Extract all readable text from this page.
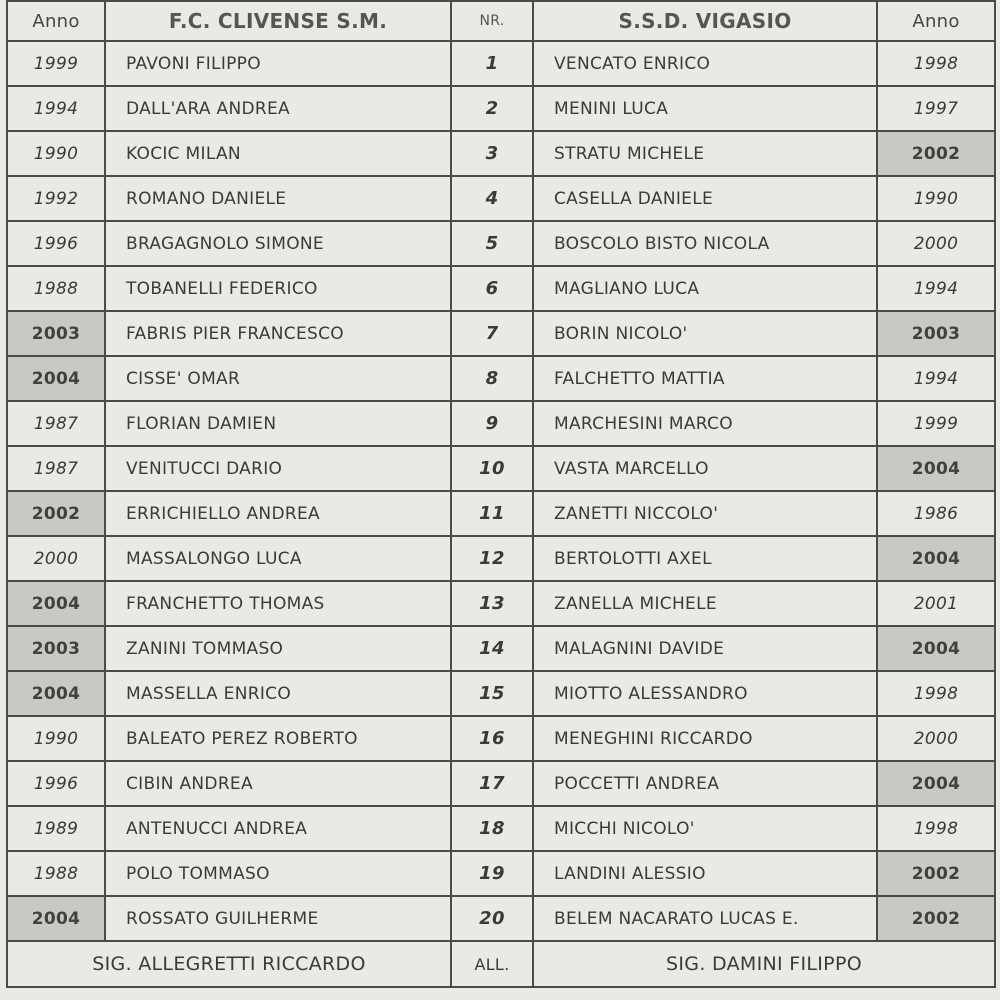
Anno	F.C. CLIVENSE S.M.	NR.	S.S.D. VIGASIO	Anno
1999	PAVONI FILIPPO	1	VENCATO ENRICO	1998
1994	DALL'ARA ANDREA	2	MENINI LUCA	1997
1990	KOCIC MILAN	3	STRATU MICHELE	2002
1992	ROMANO DANIELE	4	CASELLA DANIELE	1990
1996	BRAGAGNOLO SIMONE	5	BOSCOLO BISTO NICOLA	2000
1988	TOBANELLI FEDERICO	6	MAGLIANO LUCA	1994
2003	FABRIS PIER FRANCESCO	7	BORIN NICOLO'	2003
2004	CISSE' OMAR	8	FALCHETTO MATTIA	1994
1987	FLORIAN DAMIEN	9	MARCHESINI MARCO	1999
1987	VENITUCCI DARIO	10	VASTA MARCELLO	2004
2002	ERRICHIELLO ANDREA	11	ZANETTI NICCOLO'	1986
2000	MASSALONGO LUCA	12	BERTOLOTTI AXEL	2004
2004	FRANCHETTO THOMAS	13	ZANELLA MICHELE	2001
2003	ZANINI TOMMASO	14	MALAGNINI DAVIDE	2004
2004	MASSELLA ENRICO	15	MIOTTO ALESSANDRO	1998
1990	BALEATO PEREZ ROBERTO	16	MENEGHINI RICCARDO	2000
1996	CIBIN ANDREA	17	POCCETTI ANDREA	2004
1989	ANTENUCCI ANDREA	18	MICCHI NICOLO'	1998
1988	POLO TOMMASO	19	LANDINI ALESSIO	2002
2004	ROSSATO GUILHERME	20	BELEM NACARATO LUCAS E.	2002
SIG. ALLEGRETTI RICCARDO		ALL.	SIG. DAMINI FILIPPO	
